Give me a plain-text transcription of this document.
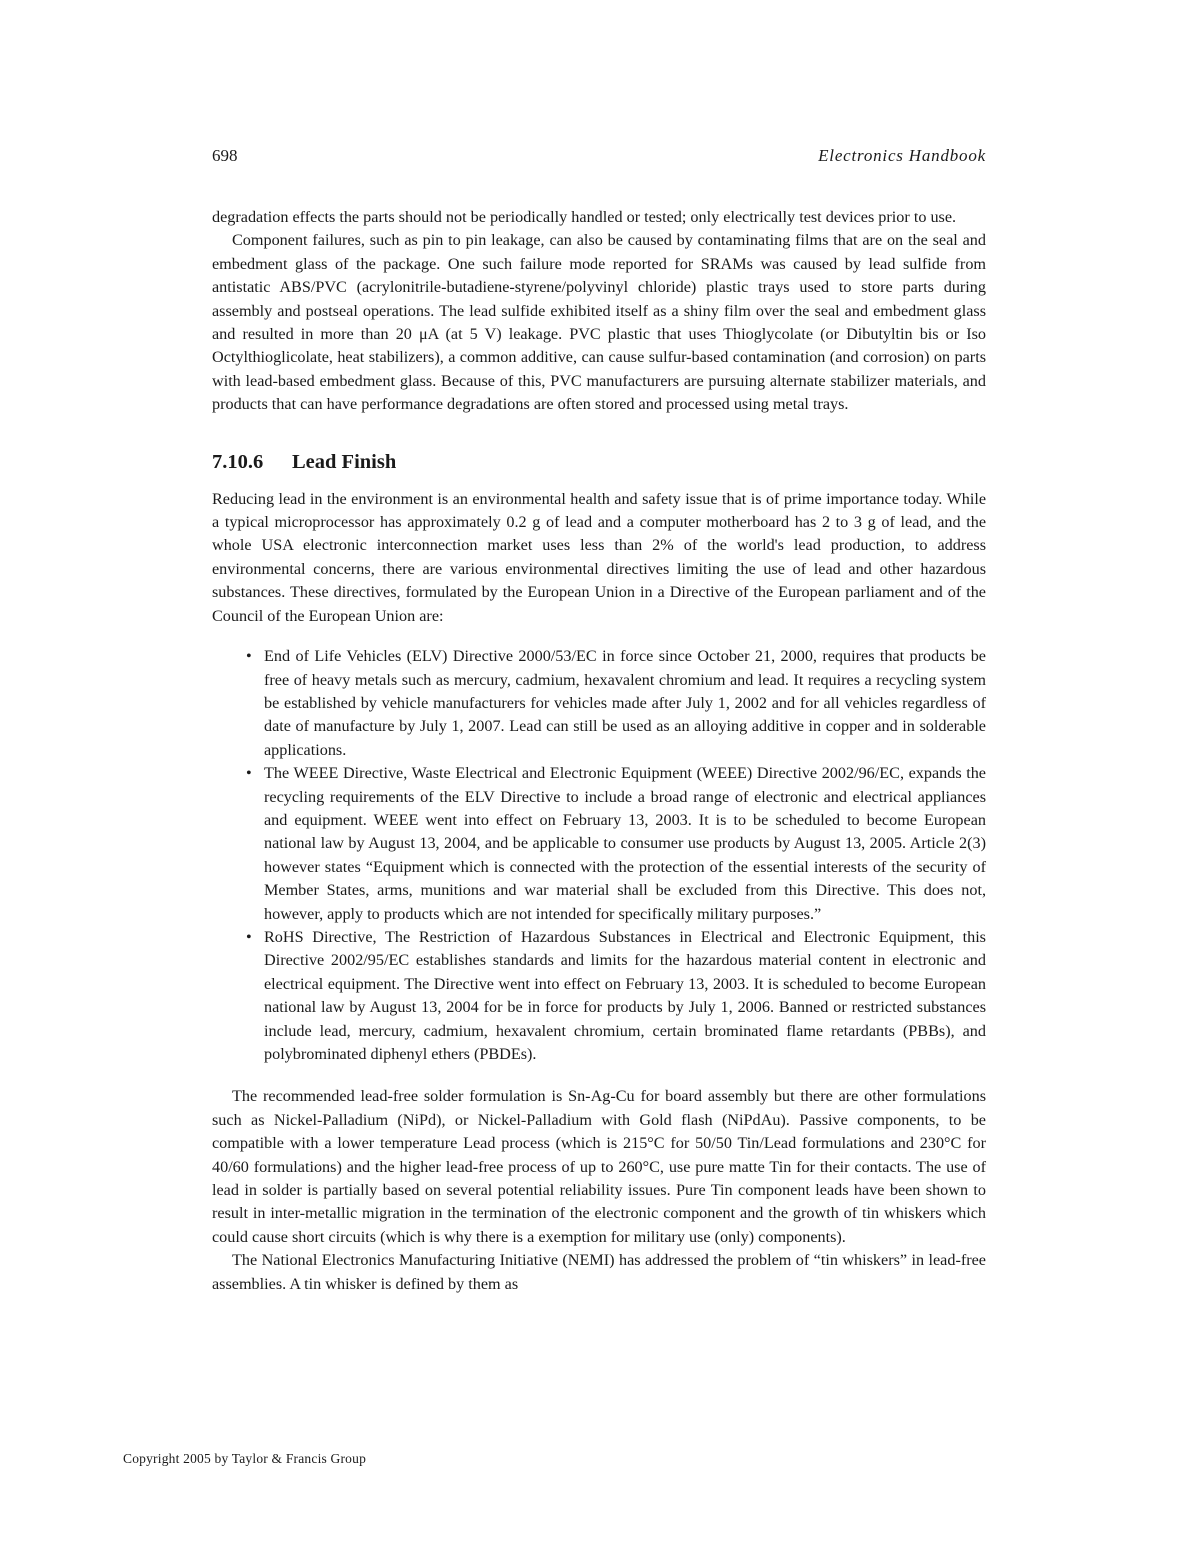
698	Electronics Handbook

degradation effects the parts should not be periodically handled or tested; only electrically test devices prior to use.

Component failures, such as pin to pin leakage, can also be caused by contaminating films that are on the seal and embedment glass of the package. One such failure mode reported for SRAMs was caused by lead sulfide from antistatic ABS/PVC (acrylonitrile-butadiene-styrene/polyvinyl chloride) plastic trays used to store parts during assembly and postseal operations. The lead sulfide exhibited itself as a shiny film over the seal and embedment glass and resulted in more than 20 μA (at 5 V) leakage. PVC plastic that uses Thioglycolate (or Dibutyltin bis or Iso Octylthioglicolate, heat stabilizers), a common additive, can cause sulfur-based contamination (and corrosion) on parts with lead-based embedment glass. Because of this, PVC manufacturers are pursuing alternate stabilizer materials, and products that can have performance degradations are often stored and processed using metal trays.

7.10.6 Lead Finish

Reducing lead in the environment is an environmental health and safety issue that is of prime importance today. While a typical microprocessor has approximately 0.2 g of lead and a computer motherboard has 2 to 3 g of lead, and the whole USA electronic interconnection market uses less than 2% of the world's lead production, to address environmental concerns, there are various environmental directives limiting the use of lead and other hazardous substances. These directives, formulated by the European Union in a Directive of the European parliament and of the Council of the European Union are:

• End of Life Vehicles (ELV) Directive 2000/53/EC in force since October 21, 2000, requires that products be free of heavy metals such as mercury, cadmium, hexavalent chromium and lead. It requires a recycling system be established by vehicle manufacturers for vehicles made after July 1, 2002 and for all vehicles regardless of date of manufacture by July 1, 2007. Lead can still be used as an alloying additive in copper and in solderable applications.
• The WEEE Directive, Waste Electrical and Electronic Equipment (WEEE) Directive 2002/96/EC, expands the recycling requirements of the ELV Directive to include a broad range of electronic and electrical appliances and equipment. WEEE went into effect on February 13, 2003. It is to be scheduled to become European national law by August 13, 2004, and be applicable to consumer use products by August 13, 2005. Article 2(3) however states “Equipment which is connected with the protection of the essential interests of the security of Member States, arms, munitions and war material shall be excluded from this Directive. This does not, however, apply to products which are not intended for specifically military purposes.”
• RoHS Directive, The Restriction of Hazardous Substances in Electrical and Electronic Equipment, this Directive 2002/95/EC establishes standards and limits for the hazardous material content in electronic and electrical equipment. The Directive went into effect on February 13, 2003. It is scheduled to become European national law by August 13, 2004 for be in force for products by July 1, 2006. Banned or restricted substances include lead, mercury, cadmium, hexavalent chromium, certain brominated flame retardants (PBBs), and polybrominated diphenyl ethers (PBDEs).

The recommended lead-free solder formulation is Sn-Ag-Cu for board assembly but there are other formulations such as Nickel-Palladium (NiPd), or Nickel-Palladium with Gold flash (NiPdAu). Passive components, to be compatible with a lower temperature Lead process (which is 215°C for 50/50 Tin/Lead formulations and 230°C for 40/60 formulations) and the higher lead-free process of up to 260°C, use pure matte Tin for their contacts. The use of lead in solder is partially based on several potential reliability issues. Pure Tin component leads have been shown to result in inter-metallic migration in the termination of the electronic component and the growth of tin whiskers which could cause short circuits (which is why there is a exemption for military use (only) components).

The National Electronics Manufacturing Initiative (NEMI) has addressed the problem of “tin whiskers” in lead-free assemblies. A tin whisker is defined by them as

Copyright 2005 by Taylor & Francis Group
